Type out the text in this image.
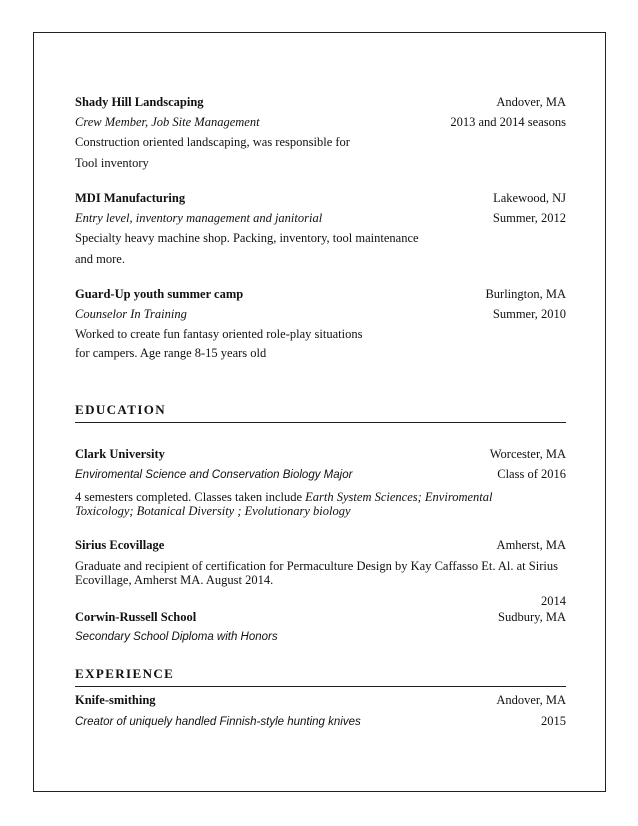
Shady Hill Landscaping	Andover, MA
Crew Member, Job Site Management	2013 and 2014 seasons
Construction oriented landscaping, was responsible for
Tool inventory
MDI Manufacturing	Lakewood, NJ
Entry level, inventory management and janitorial	Summer, 2012
Specialty heavy machine shop. Packing, inventory, tool maintenance
and more.
Guard-Up youth summer camp	Burlington, MA
Counselor In Training	Summer, 2010
Worked to create fun fantasy oriented role-play situations
for campers. Age range 8-15 years old
EDUCATION
Clark University	Worcester, MA
Enviromental Science and Conservation Biology Major	Class of 2016
4 semesters completed. Classes taken include Earth System Sciences; Enviromental
Toxicology; Botanical Diversity ; Evolutionary biology
Sirius Ecovillage	Amherst, MA
Graduate and recipient of certification for Permaculture Design by Kay Caffasso Et. Al. at Sirius
Ecovillage, Amherst MA. August 2014.
2014
Corwin-Russell School	Sudbury, MA
Secondary School Diploma with Honors
EXPERIENCE
Knife-smithing	Andover, MA
Creator of uniquely handled Finnish-style hunting knives	2015
